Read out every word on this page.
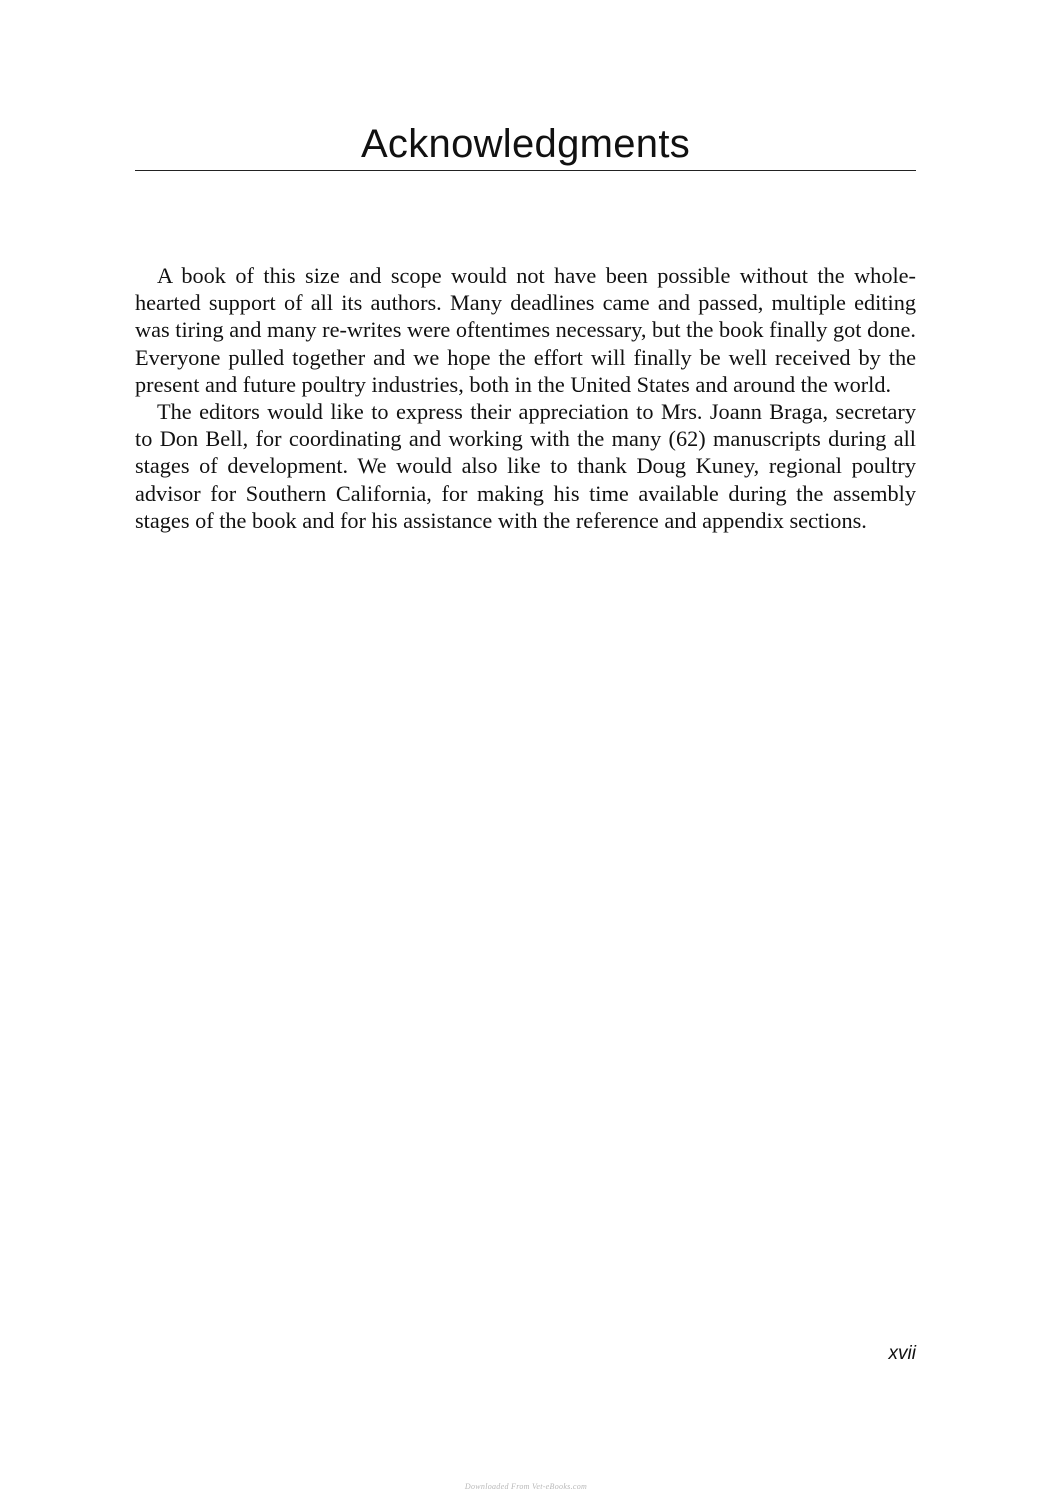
Acknowledgments

A book of this size and scope would not have been possible without the whole-hearted support of all its authors. Many deadlines came and passed, multiple editing was tiring and many re-writes were oftentimes necessary, but the book finally got done. Everyone pulled together and we hope the effort will finally be well received by the present and future poultry industries, both in the United States and around the world.

The editors would like to express their appreciation to Mrs. Joann Braga, secretary to Don Bell, for coordinating and working with the many (62) manuscripts during all stages of development. We would also like to thank Doug Kuney, regional poultry advisor for Southern California, for making his time available during the assembly stages of the book and for his assistance with the reference and appendix sections.

xvii
Downloaded From Vet-eBooks.com
